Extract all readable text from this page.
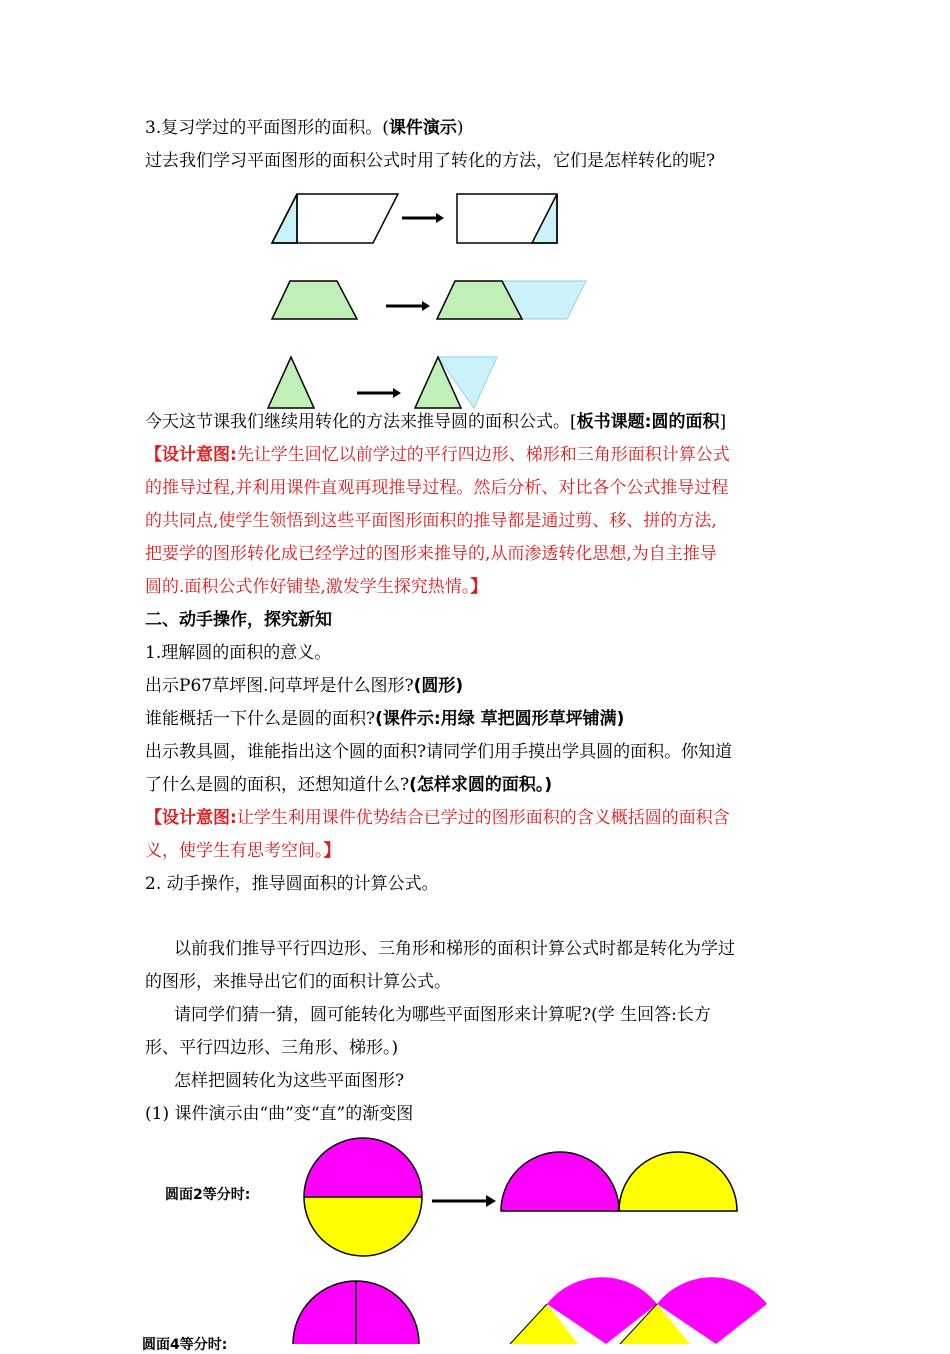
3.复习学过的平面图形的面积。(课件演示)
过去我们学习平面图形的面积公式时用了转化的方法，它们是怎样转化的呢?
今天这节课我们继续用转化的方法来推导圆的面积公式。[板书课题:圆的面积]
【设计意图:先让学生回忆以前学过的平行四边形、梯形和三角形面积计算公式
的推导过程,并利用课件直观再现推导过程。然后分析、对比各个公式推导过程
的共同点,使学生领悟到这些平面图形面积的推导都是通过剪、移、拼的方法,
把要学的图形转化成已经学过的图形来推导的,从而渗透转化思想,为自主推导
圆的.面积公式作好铺垫,激发学生探究热情。】
二、动手操作，探究新知
1.理解圆的面积的意义。
出示P67草坪图.问草坪是什么图形?(圆形)
谁能概括一下什么是圆的面积?(课件示:用绿 草把圆形草坪铺满)
出示教具圆，谁能指出这个圆的面积?请同学们用手摸出学具圆的面积。你知道
了什么是圆的面积，还想知道什么?(怎样求圆的面积。)
【设计意图:让学生利用课件优势结合已学过的图形面积的含义概括圆的面积含
义，使学生有思考空间。】
2. 动手操作，推导圆面积的计算公式。
以前我们推导平行四边形、三角形和梯形的面积计算公式时都是转化为学过
的图形，来推导出它们的面积计算公式。
请同学们猜一猜，圆可能转化为哪些平面图形来计算呢?(学 生回答:长方
形、平行四边形、三角形、梯形。)
怎样把圆转化为这些平面图形?
(1) 课件演示由“曲”变“直”的渐变图
圆面2等分时:
圆面4等分时:
